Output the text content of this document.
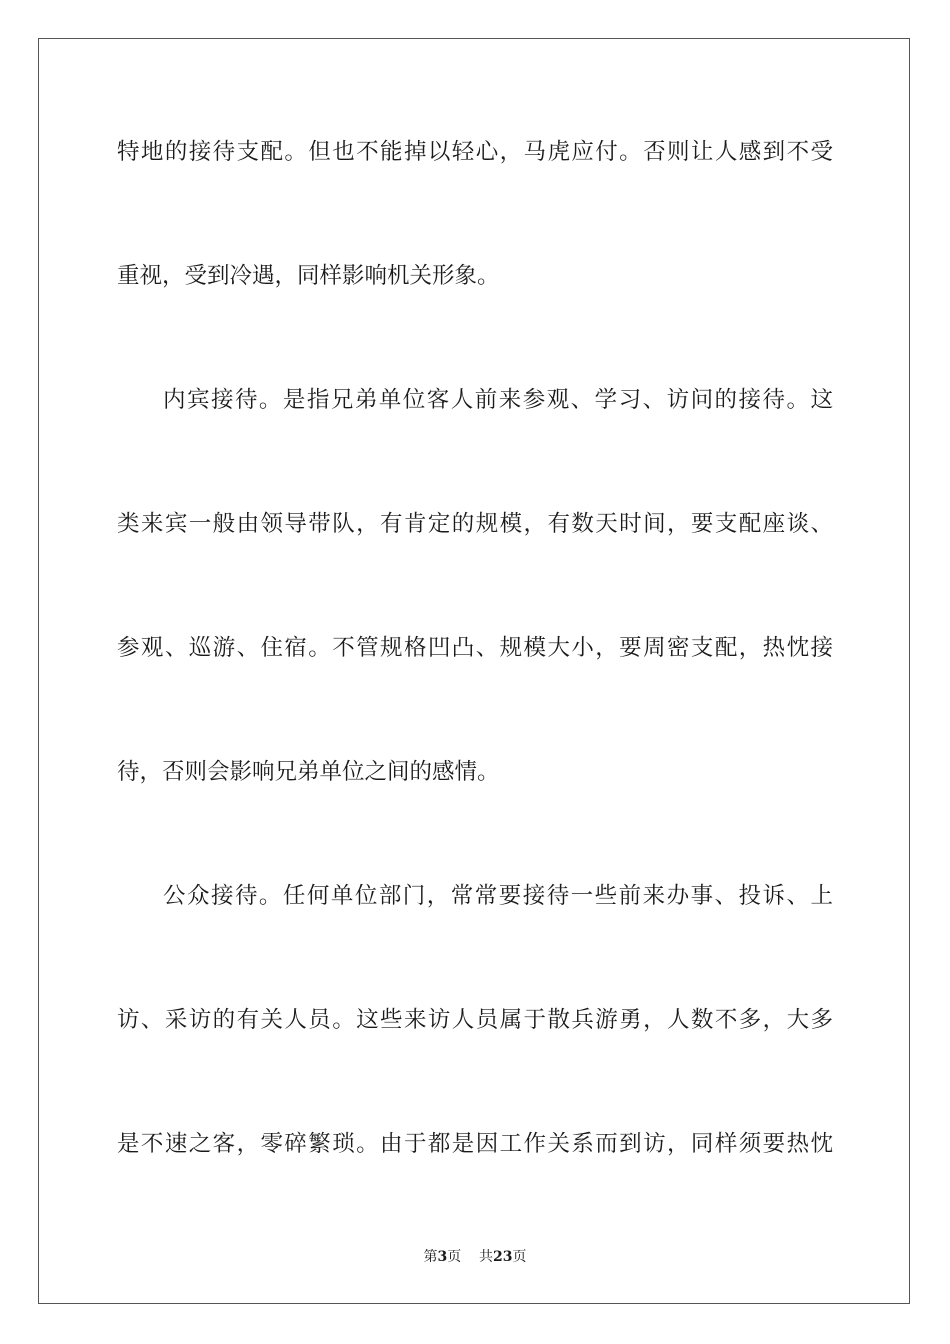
特地的接待支配。但也不能掉以轻心，马虎应付。否则让人感到不受
重视，受到冷遇，同样影响机关形象。
内宾接待。是指兄弟单位客人前来参观、学习、访问的接待。这
类来宾一般由领导带队，有肯定的规模，有数天时间，要支配座谈、
参观、巡游、住宿。不管规格凹凸、规模大小，要周密支配，热忱接
待，否则会影响兄弟单位之间的感情。
公众接待。任何单位部门，常常要接待一些前来办事、投诉、上
访、采访的有关人员。这些来访人员属于散兵游勇，人数不多，大多
是不速之客，零碎繁琐。由于都是因工作关系而到访，同样须要热忱
第3页 共23页
